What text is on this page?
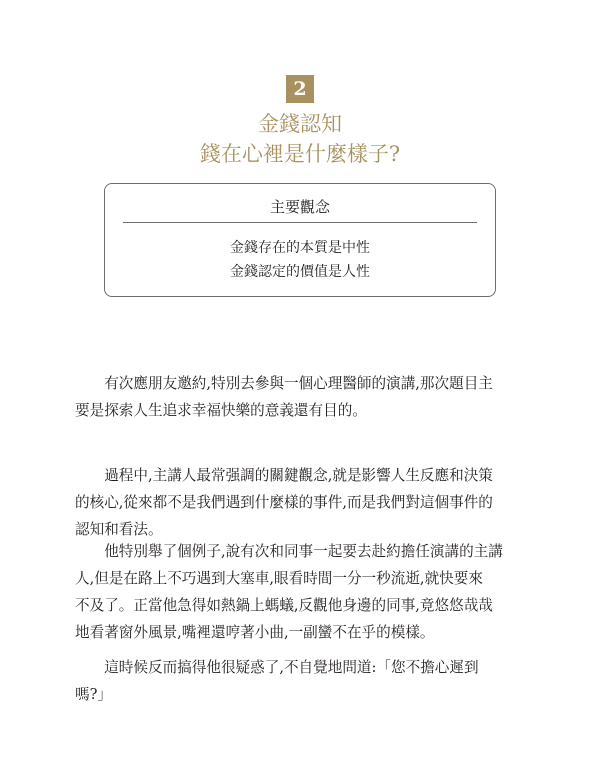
2
金錢認知
錢在心裡是什麼樣子?
主要觀念
金錢存在的本質是中性
金錢認定的價值是人性
　　有次應朋友邀約,特別去參與一個心理醫師的演講,那次題目主
要是探索人生追求幸福快樂的意義還有目的。
　　過程中,主講人最常强調的關鍵觀念,就是影響人生反應和決策
的核心,從來都不是我們遇到什麼樣的事件,而是我們對這個事件的
認知和看法。
　　他特別舉了個例子,說有次和同事一起要去赴約擔任演講的主講
人,但是在路上不巧遇到大塞車,眼看時間一分一秒流逝,就快要來
不及了。正當他急得如熱鍋上螞蟻,反觀他身邊的同事,竟悠悠哉哉
地看著窗外風景,嘴裡還哼著小曲,一副蠻不在乎的模樣。
　　這時候反而搞得他很疑惑了,不自覺地問道:「您不擔心遲到
嗎?」
